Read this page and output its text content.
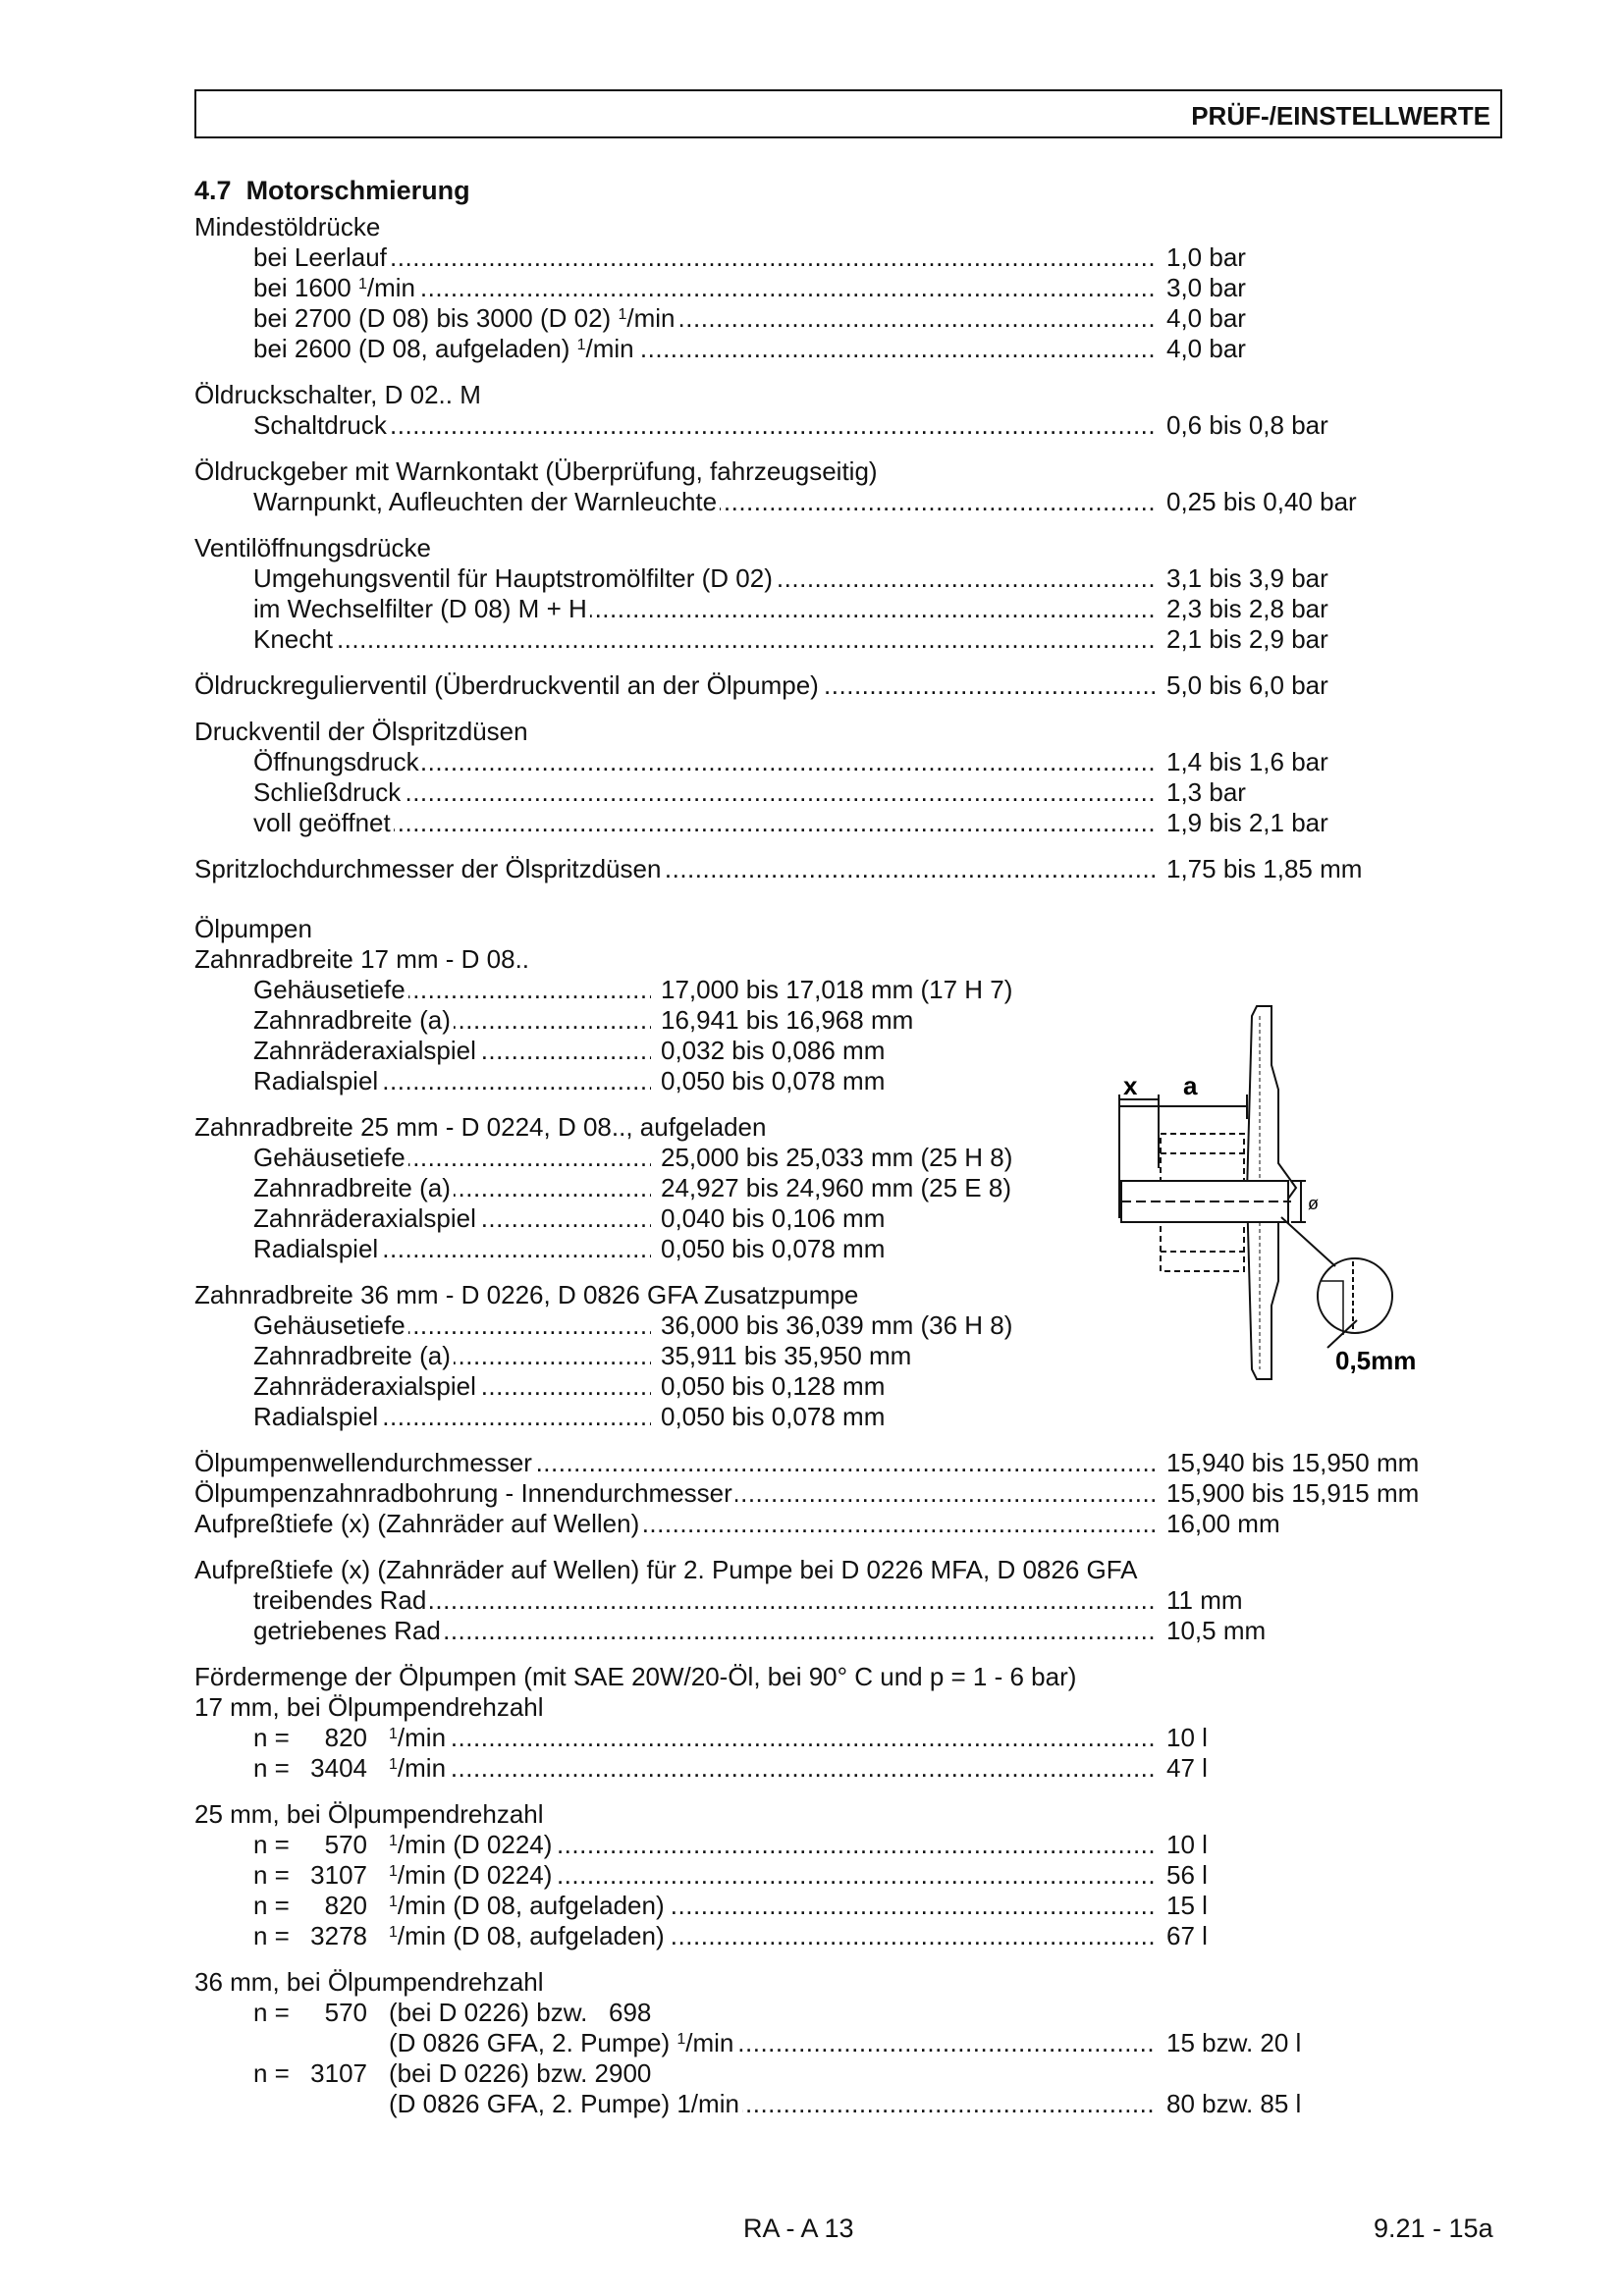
PRÜF-/EINSTELLWERTE
4.7 Motorschmierung
Mindestöldrücke
.....
bei Leerlauf	1,0 bar
.....
bei 1600 $^1$/min	3,0 bar
.....
bei 2700 (D 08) bis 3000 (D 02) $^1$/min	4,0 bar
.....
bei 2600 (D 08, aufgeladen) $^1$/min	4,0 bar
Öldruckschalter, D 02.. M
.....
Schaltdruck	0,6 bis 0,8 bar
Öldruckgeber mit Warnkontakt (Überprüfung, fahrzeugseitig)
.....
Warnpunkt, Aufleuchten der Warnleuchte	0,25 bis 0,40 bar
Ventilöffnungsdrücke
.....
Umgehungsventil für Hauptstromölfilter (D 02)	3,1 bis 3,9 bar
.....
im Wechselfilter (D 08) M + H	2,3 bis 2,8 bar
.....
Knecht	2,1 bis 2,9 bar
.....
Öldruckregulierventil (Überdruckventil an der Ölpumpe)	5,0 bis 6,0 bar
Druckventil der Ölspritzdüsen
.....
Öffnungsdruck	1,4 bis 1,6 bar
.....
Schließdruck	1,3 bar
.....
voll geöffnet	1,9 bis 2,1 bar
.....
Spritzlochdurchmesser der Ölspritzdüsen	1,75 bis 1,85 mm
Ölpumpen
Zahnradbreite 17 mm - D 08..
.....
Gehäusetiefe	17,000 bis 17,018 mm (17 H 7)
.....
Zahnradbreite (a)	16,941 bis 16,968 mm
.....
Zahnräderaxialspiel	0,032 bis 0,086 mm
.....
Radialspiel	0,050 bis 0,078 mm
Zahnradbreite 25 mm - D 0224, D 08.., aufgeladen
.....
Gehäusetiefe	25,000 bis 25,033 mm (25 H 8)
.....
Zahnradbreite (a)	24,927 bis 24,960 mm (25 E 8)
.....
Zahnräderaxialspiel	0,040 bis 0,106 mm
.....
Radialspiel	0,050 bis 0,078 mm
Zahnradbreite 36 mm - D 0226, D 0826 GFA Zusatzpumpe
.....
Gehäusetiefe	36,000 bis 36,039 mm (36 H 8)
.....
Zahnradbreite (a)	35,911 bis 35,950 mm
.....
Zahnräderaxialspiel	0,050 bis 0,128 mm
.....
Radialspiel	0,050 bis 0,078 mm
.....
Ölpumpenwellendurchmesser	15,940 bis 15,950 mm
.....
Ölpumpenzahnradbohrung - Innendurchmesser	15,900 bis 15,915 mm
.....
Aufpreßtiefe (x) (Zahnräder auf Wellen)	16,00 mm
Aufpreßtiefe (x) (Zahnräder auf Wellen) für 2. Pumpe bei D 0226 MFA, D 0826 GFA
.....
treibendes Rad	11 mm
.....
getriebenes Rad	10,5 mm
Fördermenge der Ölpumpen (mit SAE 20W/20-Öl, bei 90° C und p = 1 - 6 bar)
17 mm, bei Ölpumpendrehzahl
.....
n = 820 $^1$/min	10 l
.....
n = 3404 $^1$/min	47 l
25 mm, bei Ölpumpendrehzahl
.....
n = 570 $^1$/min (D 0224)	10 l
.....
n = 3107 $^1$/min (D 0224)	56 l
.....
n = 820 $^1$/min (D 08, aufgeladen)	15 l
.....
n = 3278 $^1$/min (D 08, aufgeladen)	67 l
36 mm, bei Ölpumpendrehzahl
n = 570 (bei D 0226) bzw.   698
.....
(D 0826 GFA, 2. Pumpe) $^1$/min	15 bzw. 20 l
n = 3107 (bei D 0226) bzw. 2900
.....
(D 0826 GFA, 2. Pumpe) 1/min	80 bzw. 85 l
x a
ø
0,5mm
RA - A 13	9.21 - 15a
